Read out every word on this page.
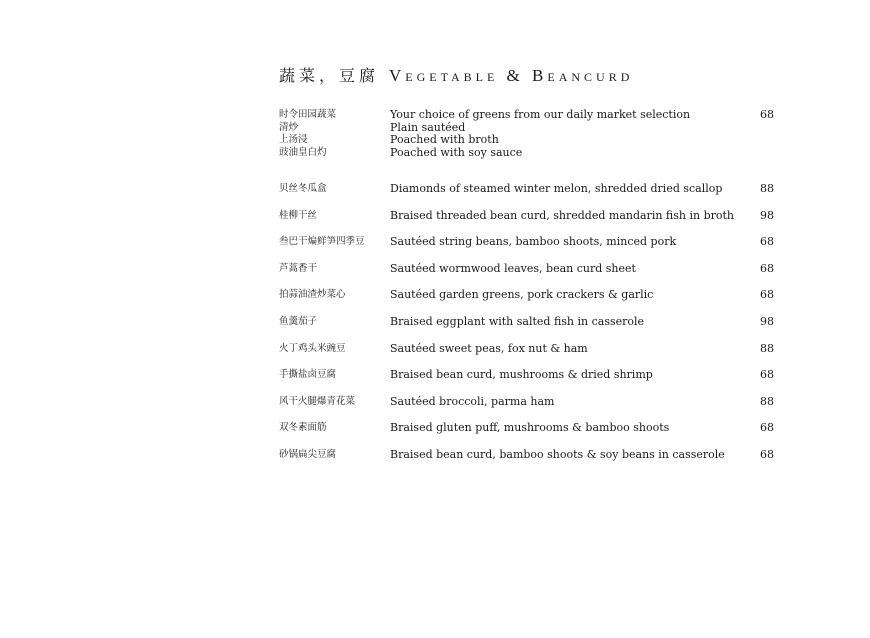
蔬菜，豆腐 Vegetable & Beancurd
时令田园蔬菜	Your choice of greens from our daily market selection	68
清炒	Plain sautéed
上汤浸	Poached with broth
豉油皇白灼	Poached with soy sauce
贝丝冬瓜盒	Diamonds of steamed winter melon, shredded dried scallop	88
桂柳干丝	Braised threaded bean curd, shredded mandarin fish in broth	98
叁巴干煸鲜笋四季豆	Sautéed string beans, bamboo shoots, minced pork	68
芦蒿香干	Sautéed wormwood leaves, bean curd sheet	68
拍蒜油渣炒菜心	Sautéed garden greens, pork crackers & garlic	68
鱼羹茄子	Braised eggplant with salted fish in casserole	98
火丁鸡头米豌豆	Sautéed sweet peas, fox nut & ham	88
手撕盐卤豆腐	Braised bean curd, mushrooms & dried shrimp	68
风干火腿爆青花菜	Sautéed broccoli, parma ham	88
双冬素面筋	Braised gluten puff, mushrooms & bamboo shoots	68
砂锅扁尖豆腐	Braised bean curd, bamboo shoots & soy beans in casserole	68
